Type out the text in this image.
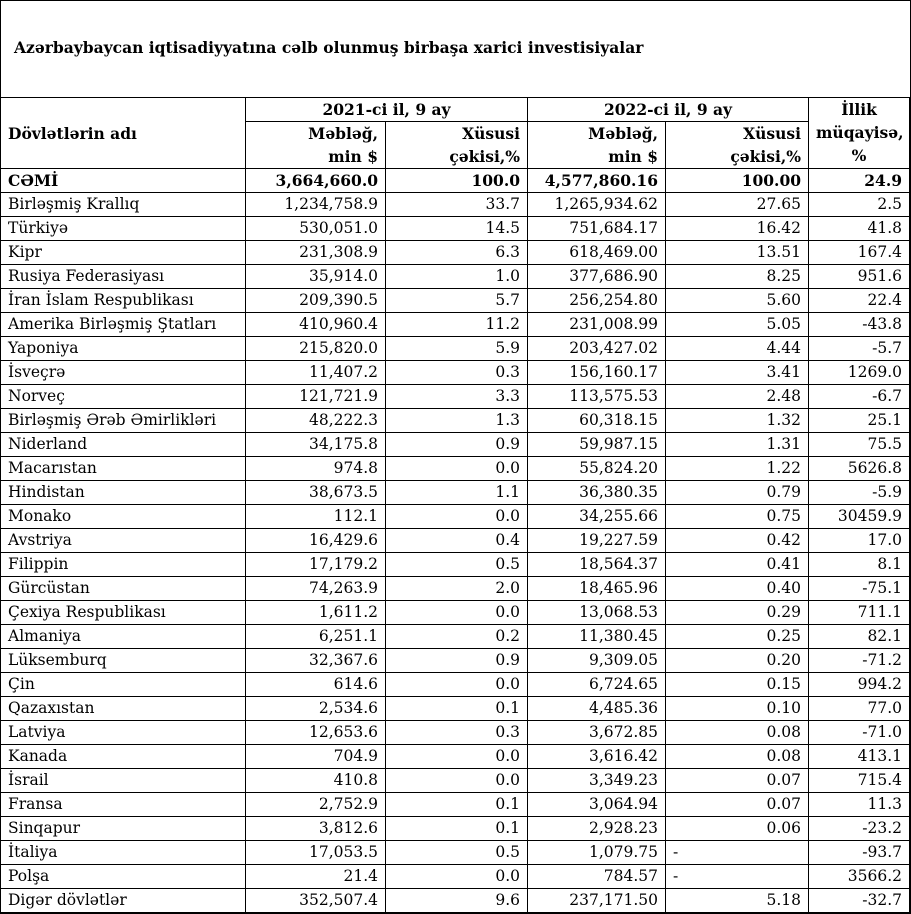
Azərbaybaycan iqtisadiyyatına cəlb olunmuş birbaşa xarici investisiyalar
Dövlətlərin adı	2021-ci il, 9 ay		2022-ci il, 9 ay		İllik
müqayisə,
%

	Məbləğ,	Xüsusi	Məbləğ,	Xüsusi	
	min $	çəkisi,%	min $	çəkisi,%	
CƏMİ	3,664,660.0	100.0	4,577,860.16	100.00	24.9
Birləşmiş Krallıq	1,234,758.9	33.7	1,265,934.62	27.65	2.5
Türkiyə	530,051.0	14.5	751,684.17	16.42	41.8
Kipr	231,308.9	6.3	618,469.00	13.51	167.4
Rusiya Federasiyası	35,914.0	1.0	377,686.90	8.25	951.6
İran İslam Respublikası	209,390.5	5.7	256,254.80	5.60	22.4
Amerika Birləşmiş Ştatları	410,960.4	11.2	231,008.99	5.05	-43.8
Yaponiya	215,820.0	5.9	203,427.02	4.44	-5.7
İsveçrə	11,407.2	0.3	156,160.17	3.41	1269.0
Norveç	121,721.9	3.3	113,575.53	2.48	-6.7
Birləşmiş Ərəb Əmirlikləri	48,222.3	1.3	60,318.15	1.32	25.1
Niderland	34,175.8	0.9	59,987.15	1.31	75.5
Macarıstan	974.8	0.0	55,824.20	1.22	5626.8
Hindistan	38,673.5	1.1	36,380.35	0.79	-5.9
Monako	112.1	0.0	34,255.66	0.75	30459.9
Avstriya	16,429.6	0.4	19,227.59	0.42	17.0
Filippin	17,179.2	0.5	18,564.37	0.41	8.1
Gürcüstan	74,263.9	2.0	18,465.96	0.40	-75.1
Çexiya Respublikası	1,611.2	0.0	13,068.53	0.29	711.1
Almaniya	6,251.1	0.2	11,380.45	0.25	82.1
Lüksemburq	32,367.6	0.9	9,309.05	0.20	-71.2
Çin	614.6	0.0	6,724.65	0.15	994.2
Qazaxıstan	2,534.6	0.1	4,485.36	0.10	77.0
Latviya	12,653.6	0.3	3,672.85	0.08	-71.0
Kanada	704.9	0.0	3,616.42	0.08	413.1
İsrail	410.8	0.0	3,349.23	0.07	715.4
Fransa	2,752.9	0.1	3,064.94	0.07	11.3
Sinqapur	3,812.6	0.1	2,928.23	0.06	-23.2
İtaliya	17,053.5	0.5	1,079.75	-	-93.7
Polşa	21.4	0.0	784.57	-	3566.2
Digər dövlətlər	352,507.4	9.6	237,171.50	5.18	-32.7
